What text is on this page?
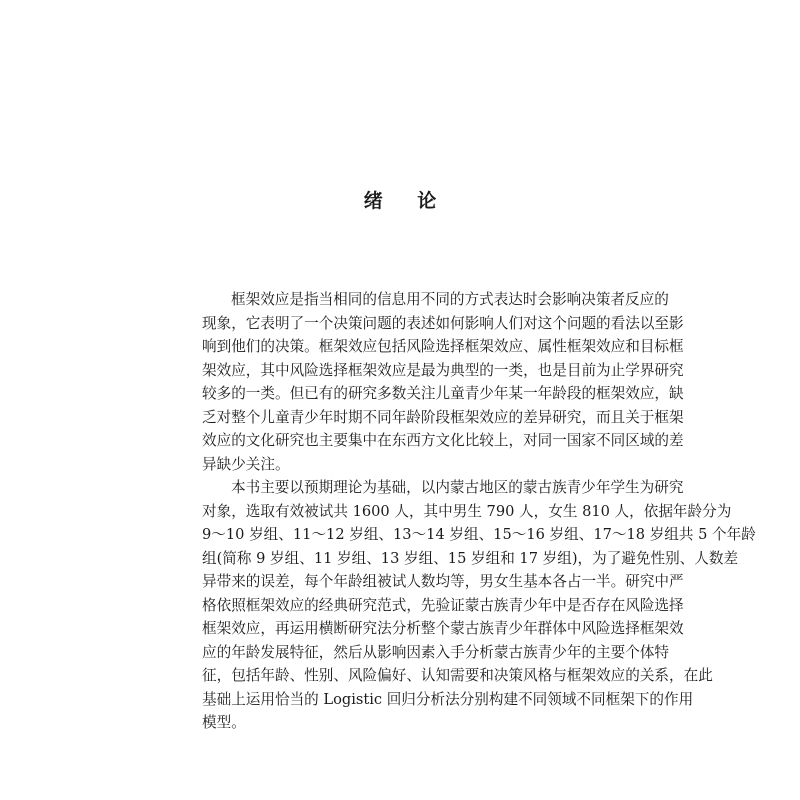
绪 论
框架效应是指当相同的信息用不同的方式表达时会影响决策者反应的
现象，它表明了一个决策问题的表述如何影响人们对这个问题的看法以至影
响到他们的决策。框架效应包括风险选择框架效应、属性框架效应和目标框
架效应，其中风险选择框架效应是最为典型的一类，也是目前为止学界研究
较多的一类。但已有的研究多数关注儿童青少年某一年龄段的框架效应，缺
乏对整个儿童青少年时期不同年龄阶段框架效应的差异研究，而且关于框架
效应的文化研究也主要集中在东西方文化比较上，对同一国家不同区域的差
异缺少关注。
本书主要以预期理论为基础，以内蒙古地区的蒙古族青少年学生为研究
对象，选取有效被试共 1600 人，其中男生 790 人，女生 810 人，依据年龄分为
9～10 岁组、11～12 岁组、13～14 岁组、15～16 岁组、17～18 岁组共 5 个年龄
组(简称 9 岁组、11 岁组、13 岁组、15 岁组和 17 岁组)，为了避免性别、人数差
异带来的误差，每个年龄组被试人数均等，男女生基本各占一半。研究中严
格依照框架效应的经典研究范式，先验证蒙古族青少年中是否存在风险选择
框架效应，再运用横断研究法分析整个蒙古族青少年群体中风险选择框架效
应的年龄发展特征，然后从影响因素入手分析蒙古族青少年的主要个体特
征，包括年龄、性别、风险偏好、认知需要和决策风格与框架效应的关系，在此
基础上运用恰当的 Logistic 回归分析法分别构建不同领域不同框架下的作用
模型。
